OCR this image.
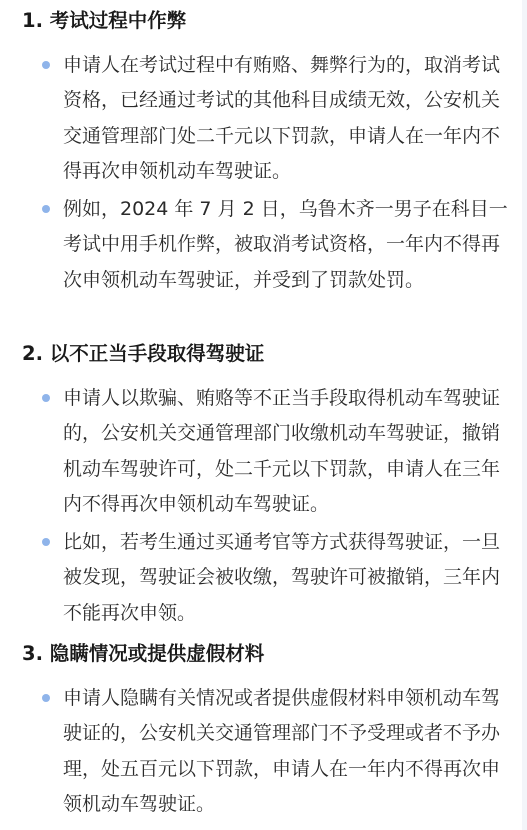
1. 考试过程中作弊
申请人在考试过程中有贿赂、舞弊行为的，取消考试资格，已经通过考试的其他科目成绩无效，公安机关交通管理部门处二千元以下罚款，申请人在一年内不得再次申领机动车驾驶证。
例如，2024 年 7 月 2 日，乌鲁木齐一男子在科目一考试中用手机作弊，被取消考试资格，一年内不得再次申领机动车驾驶证，并受到了罚款处罚。
2. 以不正当手段取得驾驶证
申请人以欺骗、贿赂等不正当手段取得机动车驾驶证的，公安机关交通管理部门收缴机动车驾驶证，撤销机动车驾驶许可，处二千元以下罚款，申请人在三年内不得再次申领机动车驾驶证。
比如，若考生通过买通考官等方式获得驾驶证，一旦被发现，驾驶证会被收缴，驾驶许可被撤销，三年内不能再次申领。
3. 隐瞒情况或提供虚假材料
申请人隐瞒有关情况或者提供虚假材料申领机动车驾驶证的，公安机关交通管理部门不予受理或者不予办理，处五百元以下罚款，申请人在一年内不得再次申领机动车驾驶证。
